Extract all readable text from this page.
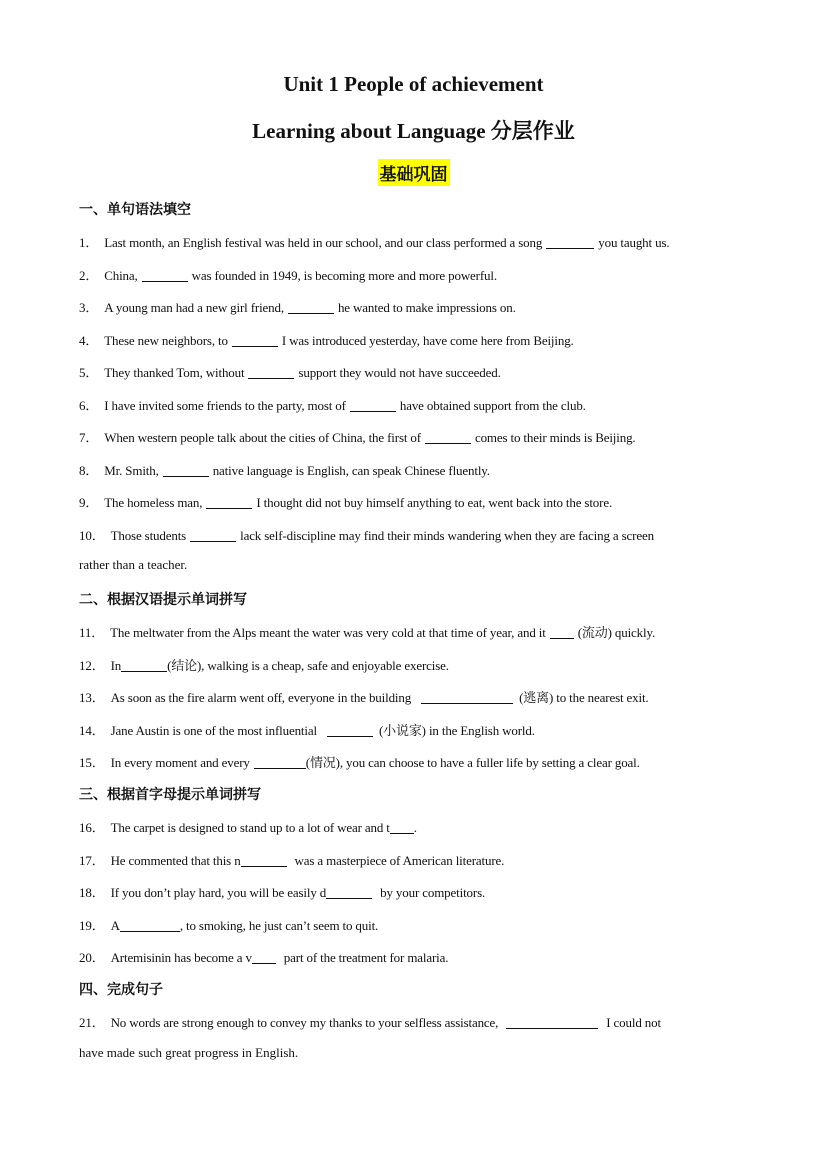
Unit 1 People of achievement
Learning about Language 分层作业
基础巩固
一、单句语法填空
1． Last month, an English festival was held in our school, and our class performed a song	you taught us.
2． China,	was founded in 1949, is becoming more and more powerful.
3． A young man had a new girl friend,	he wanted to make impressions on.
4． These new neighbors, to	I was introduced yesterday, have come here from Beijing.
5． They thanked Tom, without	support they would not have succeeded.
6． I have invited some friends to the party, most of	have obtained support from the club.
7． When western people talk about the cities of China, the first of	comes to their minds is Beijing.
8． Mr. Smith,	native language is English, can speak Chinese fluently.
9． The homeless man,	I thought did not buy himself anything to eat, went back into the store.
10． Those students	lack self-discipline may find their minds wandering when they are facing a screen
rather than a teacher.
二、根据汉语提示单词拼写
11． The meltwater from the Alps meant the water was very cold at that time of year, and it (流动) quickly.
12． In	(结论), walking is a cheap, safe and enjoyable exercise.
13． As soon as the fire alarm went off, everyone in the building	(逃离) to the nearest exit.
14． Jane Austin is one of the most influential	(小说家) in the English world.
15． In every moment and every	(情况), you can choose to have a fuller life by setting a clear goal.
三、根据首字母提示单词拼写
16． The carpet is designed to stand up to a lot of wear and t .
17． He commented that this n	was a masterpiece of American literature.
18． If you don’t play hard, you will be easily d	by your competitors.
19． A	, to smoking, he just can’t seem to quit.
20． Artemisinin has become a v part of the treatment for malaria.
四、完成句子
21． No words are strong enough to convey my thanks to your selfless assistance,	I could not
have made such great progress in English.
